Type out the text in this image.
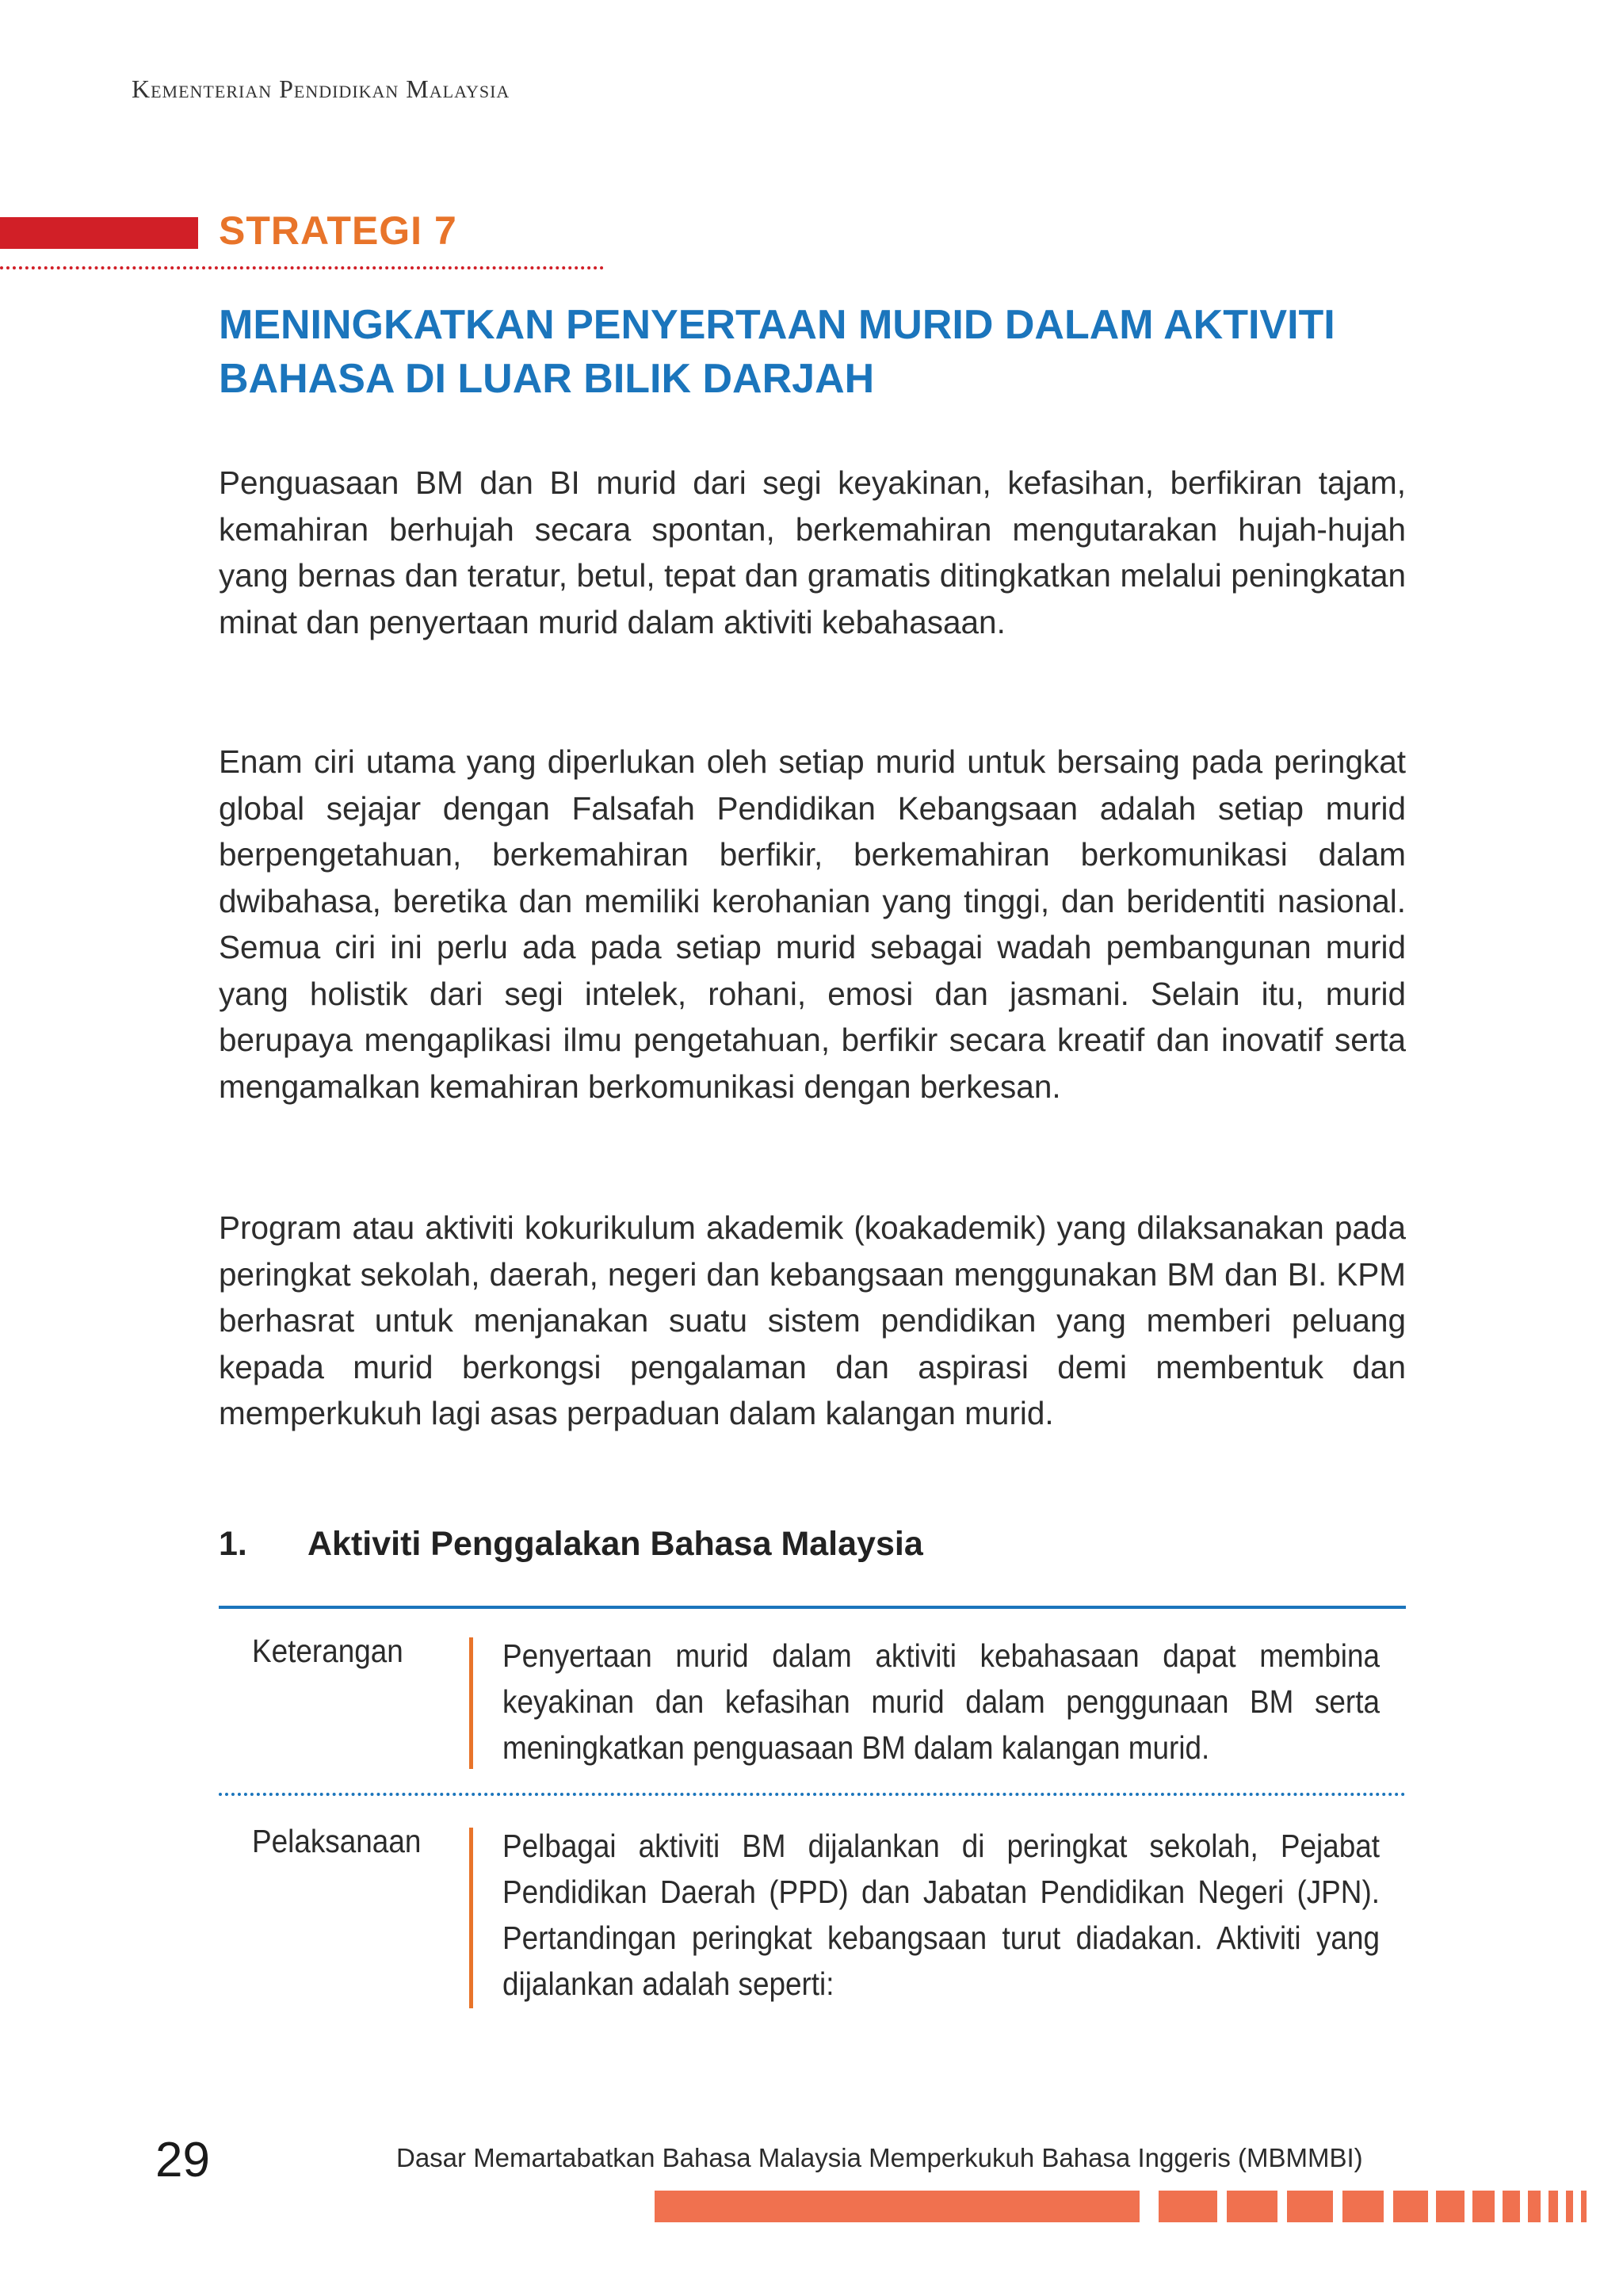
Kementerian Pendidikan Malaysia
STRATEGI 7
MENINGKATKAN PENYERTAAN MURID DALAM AKTIVITI BAHASA DI LUAR BILIK DARJAH

Penguasaan BM dan BI murid dari segi keyakinan, kefasihan, berfikiran tajam, kemahiran berhujah secara spontan, berkemahiran mengutarakan hujah-hujah yang bernas dan teratur, betul, tepat dan gramatis ditingkatkan melalui peningkatan minat dan penyertaan murid dalam aktiviti kebahasaan.

Enam ciri utama yang diperlukan oleh setiap murid untuk bersaing pada peringkat global sejajar dengan Falsafah Pendidikan Kebangsaan adalah setiap murid berpengetahuan, berkemahiran berfikir, berkemahiran berkomunikasi dalam dwibahasa, beretika dan memiliki kerohanian yang tinggi, dan beridentiti nasional. Semua ciri ini perlu ada pada setiap murid sebagai wadah pembangunan murid yang holistik dari segi intelek, rohani, emosi dan jasmani. Selain itu, murid berupaya mengaplikasi ilmu pengetahuan, berfikir secara kreatif dan inovatif serta mengamalkan kemahiran berkomunikasi dengan berkesan.

Program atau aktiviti kokurikulum akademik (koakademik) yang dilaksanakan pada peringkat sekolah, daerah, negeri dan kebangsaan menggunakan BM dan BI. KPM berhasrat untuk menjanakan suatu sistem pendidikan yang memberi peluang kepada murid berkongsi pengalaman dan aspirasi demi membentuk dan memperkukuh lagi asas perpaduan dalam kalangan murid.

1. Aktiviti Penggalakan Bahasa Malaysia
Keterangan	Penyertaan murid dalam aktiviti kebahasaan dapat membina keyakinan dan kefasihan murid dalam penggunaan BM serta meningkatkan penguasaan BM dalam kalangan murid.

Pelaksanaan	Pelbagai aktiviti BM dijalankan di peringkat sekolah, Pejabat Pendidikan Daerah (PPD) dan Jabatan Pendidikan Negeri (JPN). Pertandingan peringkat kebangsaan turut diadakan. Aktiviti yang dijalankan adalah seperti:

29	Dasar Memartabatkan Bahasa Malaysia Memperkukuh Bahasa Inggeris (MBMMBI)
